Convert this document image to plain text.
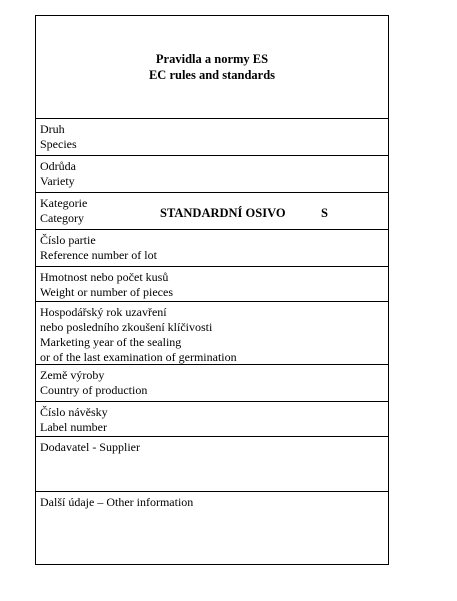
Pravidla a normy ES
EC rules and standards
Druh
Species
Odrůda
Variety
Kategorie
Category	STANDARDNÍ OSIVO	S
Číslo partie
Reference number of lot
Hmotnost nebo počet kusů
Weight or number of pieces
Hospodářský rok uzavření
nebo posledního zkoušení klíčivosti
Marketing year of the sealing
or of the last examination of germination
Země výroby
Country of production
Číslo návěsky
Label number
Dodavatel - Supplier
Další údaje – Other information
